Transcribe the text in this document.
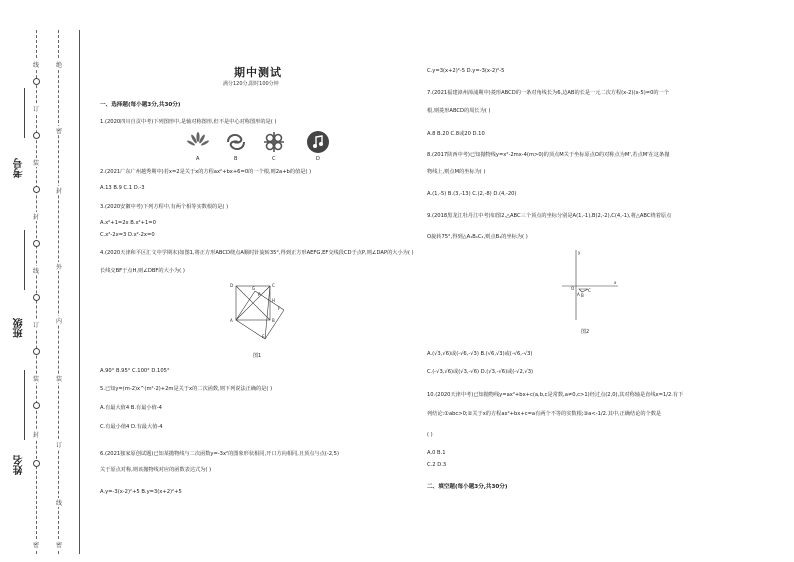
考号
班级
姓名
线
订
装
封
线
订
装
封
密
绝
密
封
外
内
装
订
线
密
期中测试
满分120分,限时100分钟
一、选择题(每小题3分,共30分)
1.(2020四川自贡中考)下列图形中,是轴对称图形,但不是中心对称图形的是( )
2.(2021广东广州越秀期中)若x=2是关于x的方程ax²+bx+6=0的一个根,则2a+b的值是( )
A.13 B.9 C.1 D.-3
3.(2020安徽中考)下列方程中,有两个相等实数根的是( )
A.x²+1=2x B.x²+1=0
C.x²-2x=3 D.x²-2x=0
4.(2020天津和平区汇文中学期末)如图1,将正方形ABCD绕点A顺时针旋转35°,得到正方形AEFG,EF交线段CD于点P,则∠DAP的大小为( )
长线交BF于点H,则∠DBF的大小为( )
A.90° B.95° C.100° D.105°
5.已知y=(m-2)x^(m²-2)+2m是关于x的二次函数,则下列说法正确的是( )
A.有最大值4 B.有最小值-4
C.有最小值4 D.有最大值-4
6.(2021独家原创试题)已知某抛物线与二次函数y=-3x²的图象形状相同,开口方向相同,且顶点与点(-2,5)
关于原点对称,则该抛物线对应的函数表达式为( )
A.y=-3(x-2)²+5 B.y=3(x+2)²+5
A	B	C	D
D	C
A	B
G
F
E
H
P
图1
C.y=3(x+2)²-5 D.y=-3(x-2)²-5
7.(2021福建漳州漳浦期中)菱形ABCD的一条对角线长为6,边AB的长是一元二次方程(x-2)(x-5)=0的一个
根,则菱形ABCD的周长为( )
A.8 B.20 C.8或20 D.10
8.(2017陕西中考)已知抛物线y=x²-2mx-4(m>0)的顶点M关于坐标原点O的对称点为M',若点M'在这条抛
物线上,则点M的坐标为( )
A.(1,-5) B.(3,-13) C.(2,-8) D.(4,-20)
9.(2018黑龙江牡丹江中考)如图2,△ABC三个顶点的坐标分别是A(1,-1),B(2,-2),C(4,-1),将△ABC绕着原点
O旋转75°,得到△A₁B₁C₁,则点B₁的坐标为( )
A.(√3,√6)或(-√6,-√3) B.(√6,√3)或(-√6,-√3)
C.(-√3,√6)或(√3,-√6) D.(√3,-√6)或(-√2,√3)
10.(2020天津中考)已知抛物线y=ax²+bx+c(a,b,c是常数,a≠0,c>1)经过点(2,0),其对称轴是直线x=1/2.有下
列结论:①abc>0;②关于x的方程ax²+bx+c=a有两个不等的实数根;③a<-1/2.其中,正确结论的个数是
( )
A.0 B.1
C.2 D.3
二、填空题(每小题3分,共30分)
y
x
O
A B
C
图2
